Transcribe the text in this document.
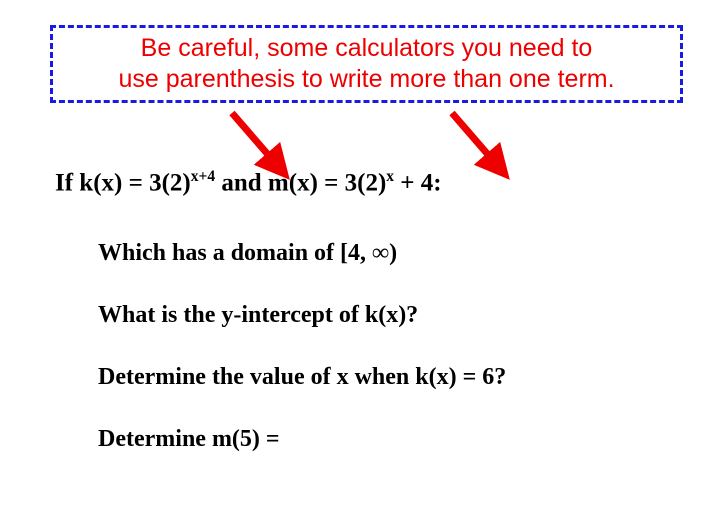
Be careful, some calculators you need to
use parenthesis to write more than one term.
If $k(x) = 3(2)^{x+4}$ and $m(x) = 3(2)^x + 4$:
Which has a domain of [4, ∞)
What is the y-intercept of k(x)?
Determine the value of x when k(x) = 6?
Determine m(5) =
